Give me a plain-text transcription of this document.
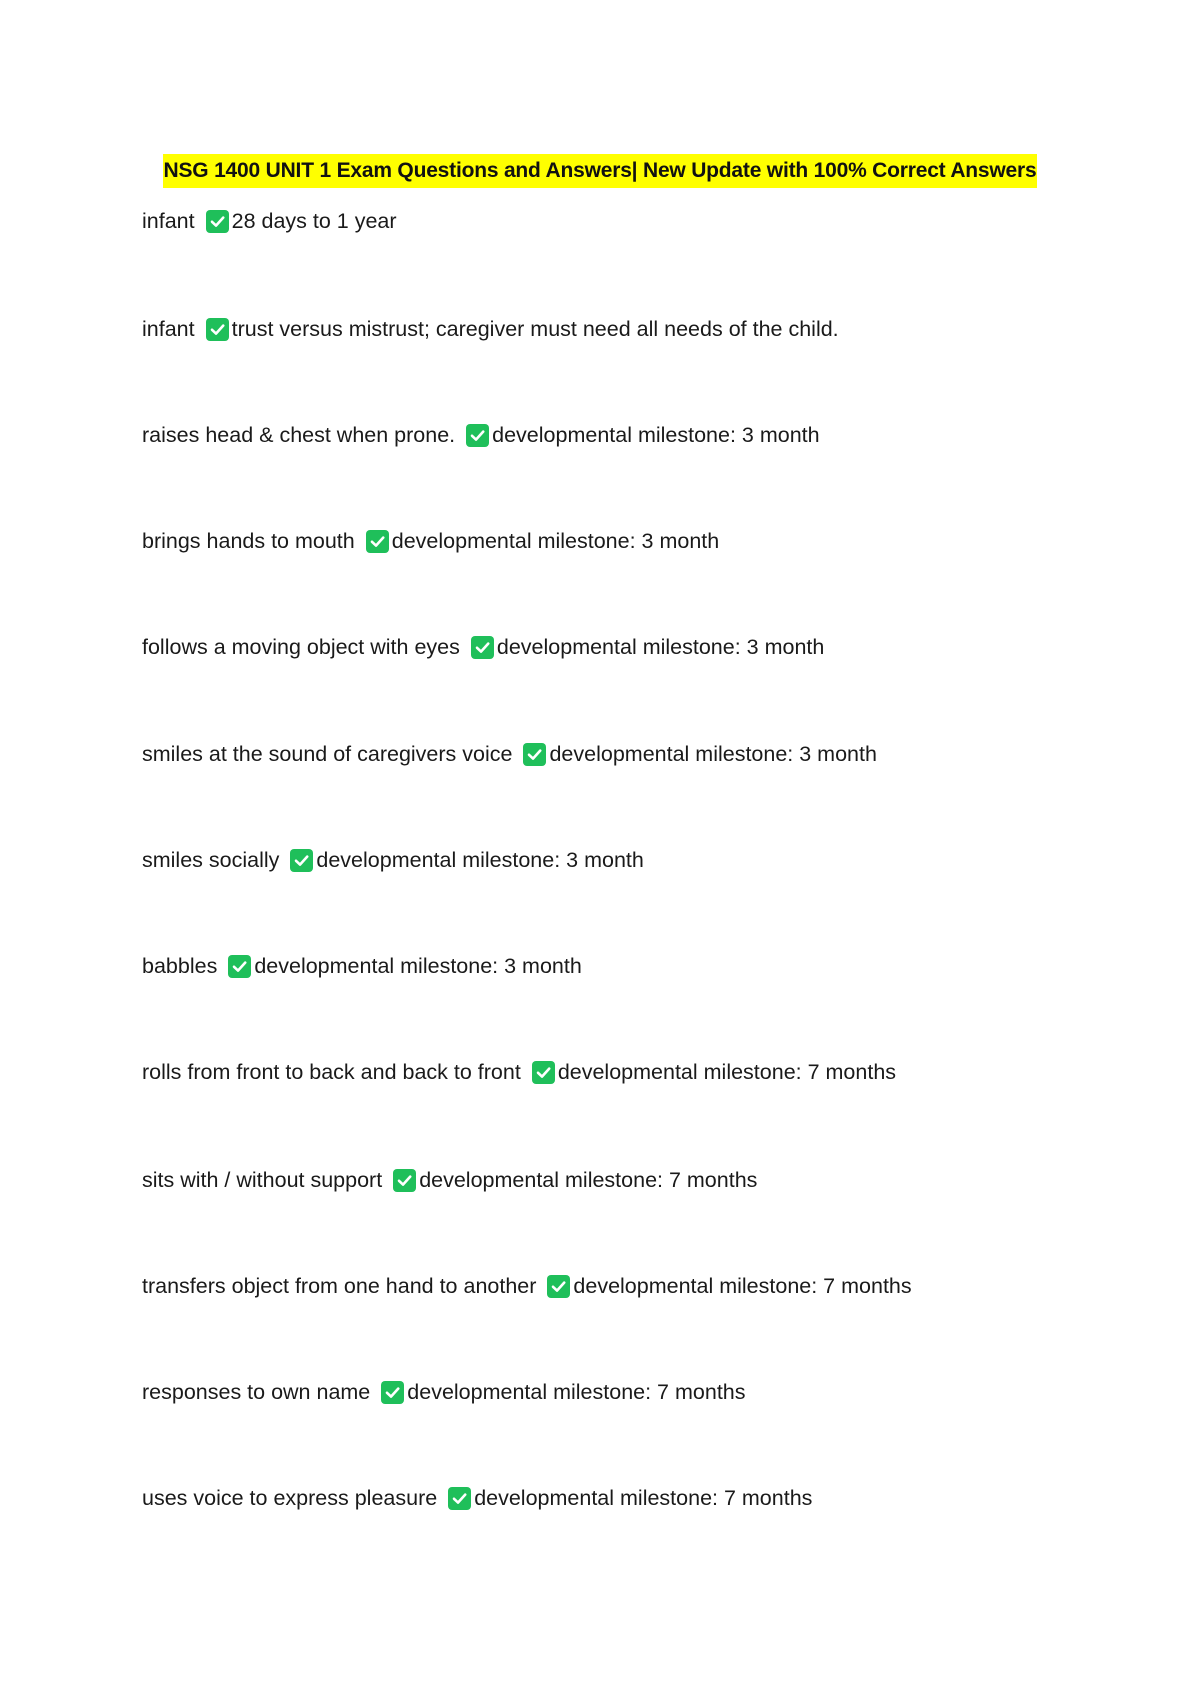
NSG 1400 UNIT 1 Exam Questions and Answers| New Update with 100% Correct Answers
infant 28 days to 1 year
infant trust versus mistrust; caregiver must need all needs of the child.
raises head & chest when prone. developmental milestone: 3 month
brings hands to mouth developmental milestone: 3 month
follows a moving object with eyes developmental milestone: 3 month
smiles at the sound of caregivers voice developmental milestone: 3 month
smiles socially developmental milestone: 3 month
babbles developmental milestone: 3 month
rolls from front to back and back to front developmental milestone: 7 months
sits with / without support developmental milestone: 7 months
transfers object from one hand to another developmental milestone: 7 months
responses to own name developmental milestone: 7 months
uses voice to express pleasure developmental milestone: 7 months
